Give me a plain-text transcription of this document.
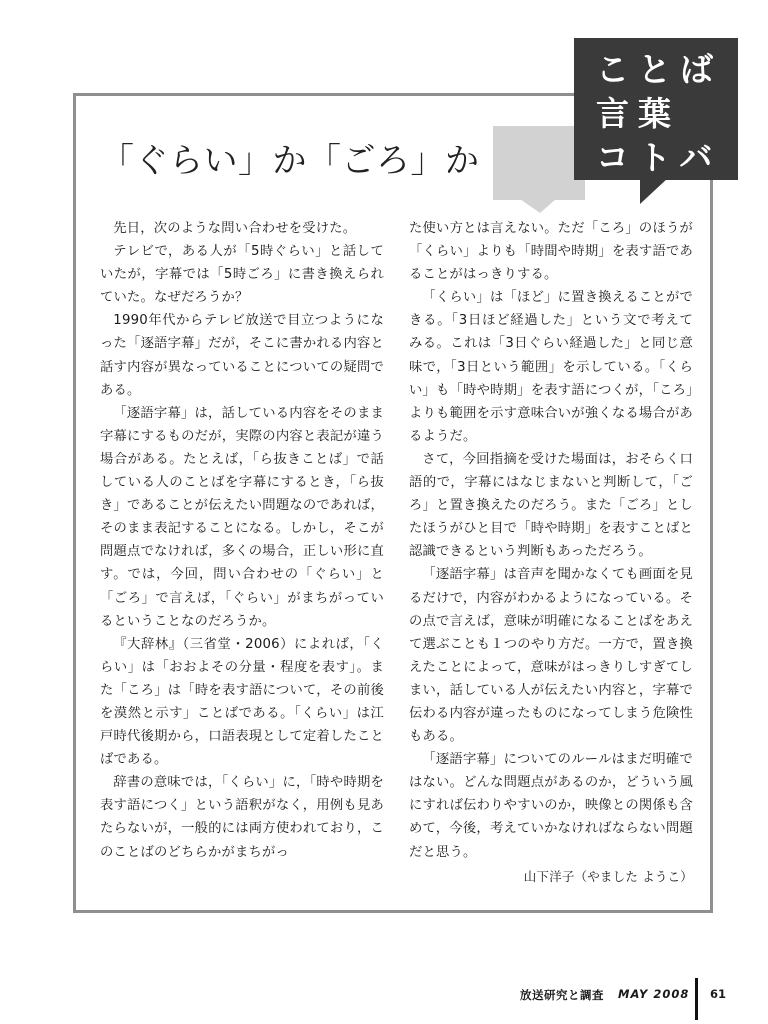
ことば
言葉
コトバ
「ぐらい」か「ごろ」か

先日，次のような問い合わせを受けた。

テレビで，ある人が「5時ぐらい」と話していたが，字幕では「5時ごろ」に書き換えられていた。なぜだろうか？

1990年代からテレビ放送で目立つようになった「逐語字幕」だが，そこに書かれる内容と話す内容が異なっていることについての疑問である。

「逐語字幕」は，話している内容をそのまま字幕にするものだが，実際の内容と表記が違う場合がある。たとえば，「ら抜きことば」で話している人のことばを字幕にするとき，「ら抜き」であることが伝えたい問題なのであれば，そのまま表記することになる。しかし，そこが問題点でなければ，多くの場合，正しい形に直す。では，今回，問い合わせの「ぐらい」と「ごろ」で言えば，「ぐらい」がまちがっているということなのだろうか。

『大辞林』（三省堂・2006）によれば，「くらい」は「おおよその分量・程度を表す」。また「ころ」は「時を表す語について，その前後を漠然と示す」ことばである。「くらい」は江戸時代後期から，口語表現として定着したことばである。

辞書の意味では，「くらい」に，「時や時期を表す語につく」という語釈がなく，用例も見あたらないが，一般的には両方使われており，このことばのどちらかがまちがっ

た使い方とは言えない。ただ「ころ」のほうが「くらい」よりも「時間や時期」を表す語であることがはっきりする。

「くらい」は「ほど」に置き換えることができる。「3日ほど経過した」という文で考えてみる。これは「3日ぐらい経過した」と同じ意味で，「3日という範囲」を示している。「くらい」も「時や時期」を表す語につくが，「ころ」よりも範囲を示す意味合いが強くなる場合があるようだ。

さて，今回指摘を受けた場面は，おそらく口語的で，字幕にはなじまないと判断して，「ごろ」と置き換えたのだろう。また「ごろ」としたほうがひと目で「時や時期」を表すことばと認識できるという判断もあっただろう。

「逐語字幕」は音声を聞かなくても画面を見るだけで，内容がわかるようになっている。その点で言えば，意味が明確になることばをあえて選ぶことも１つのやり方だ。一方で，置き換えたことによって，意味がはっきりしすぎてしまい，話している人が伝えたい内容と，字幕で伝わる内容が違ったものになってしまう危険性もある。

「逐語字幕」についてのルールはまだ明確ではない。どんな問題点があるのか，どういう風にすれば伝わりやすいのか，映像との関係も含めて，今後，考えていかなければならない問題だと思う。

山下洋子（やました ようこ）

放送研究と調査 MAY 2008 61
